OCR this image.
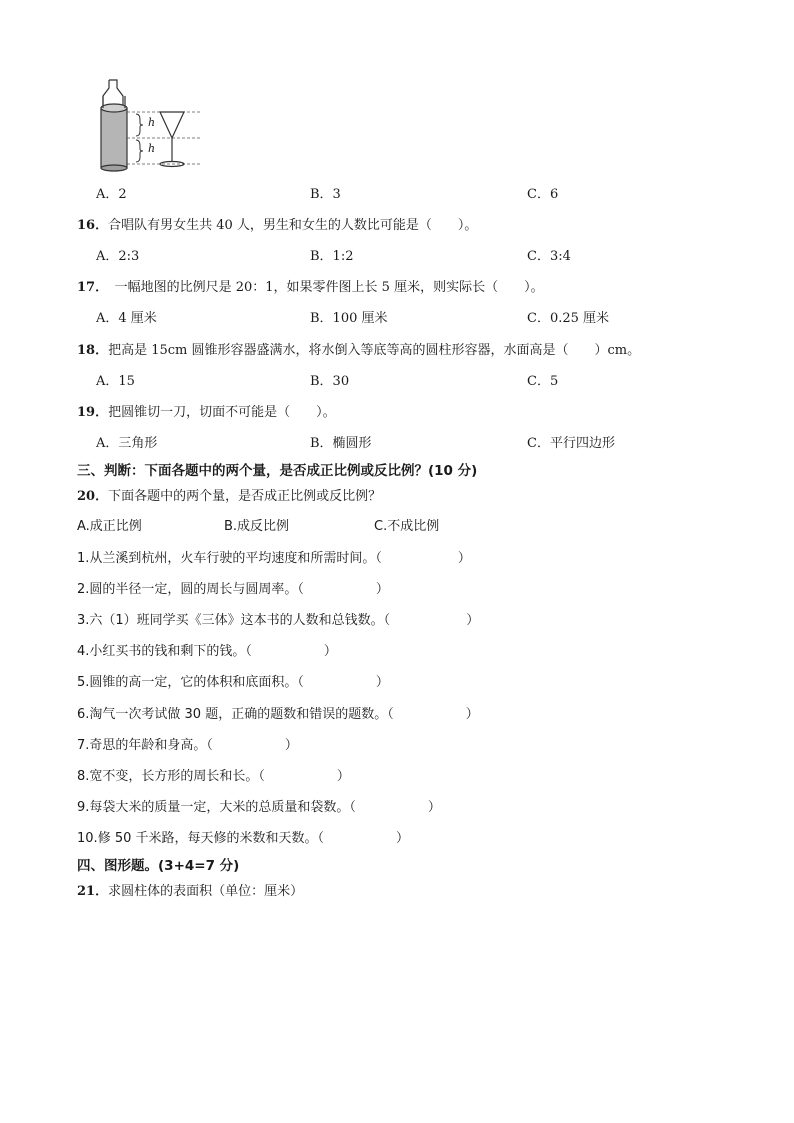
h
h
A．2	B．3	C．6
16．合唱队有男女生共 40 人，男生和女生的人数比可能是（　　）。
A．2:3	B．1:2	C．3:4
17．　一幅地图的比例尺是 20：1，如果零件图上长 5 厘米，则实际长（　　）。
A．4 厘米	B．100 厘米	C．0.25 厘米
18．把高是 15cm 圆锥形容器盛满水，将水倒入等底等高的圆柱形容器，水面高是（　　）cm。
A．15	B．30	C．5
19．把圆锥切一刀，切面不可能是（　　）。
A．三角形	B．椭圆形	C．平行四边形
三、判断：下面各题中的两个量，是否成正比例或反比例？(10 分)
20．下面各题中的两个量，是否成正比例或反比例？
A.成正比例	B.成反比例	C.不成比例
1.从兰溪到杭州，火车行驶的平均速度和所需时间。（	）
2.圆的半径一定，圆的周长与圆周率。（	）
3.六（1）班同学买《三体》这本书的人数和总钱数。（	）
4.小红买书的钱和剩下的钱。（	）
5.圆锥的高一定，它的体积和底面积。（	）
6.淘气一次考试做 30 题，正确的题数和错误的题数。（	）
7.奇思的年龄和身高。（	）
8.宽不变，长方形的周长和长。（	）
9.每袋大米的质量一定，大米的总质量和袋数。（	）
10.修 50 千米路，每天修的米数和天数。（	）
四、图形题。(3+4=7 分)
21．求圆柱体的表面积（单位：厘米）
